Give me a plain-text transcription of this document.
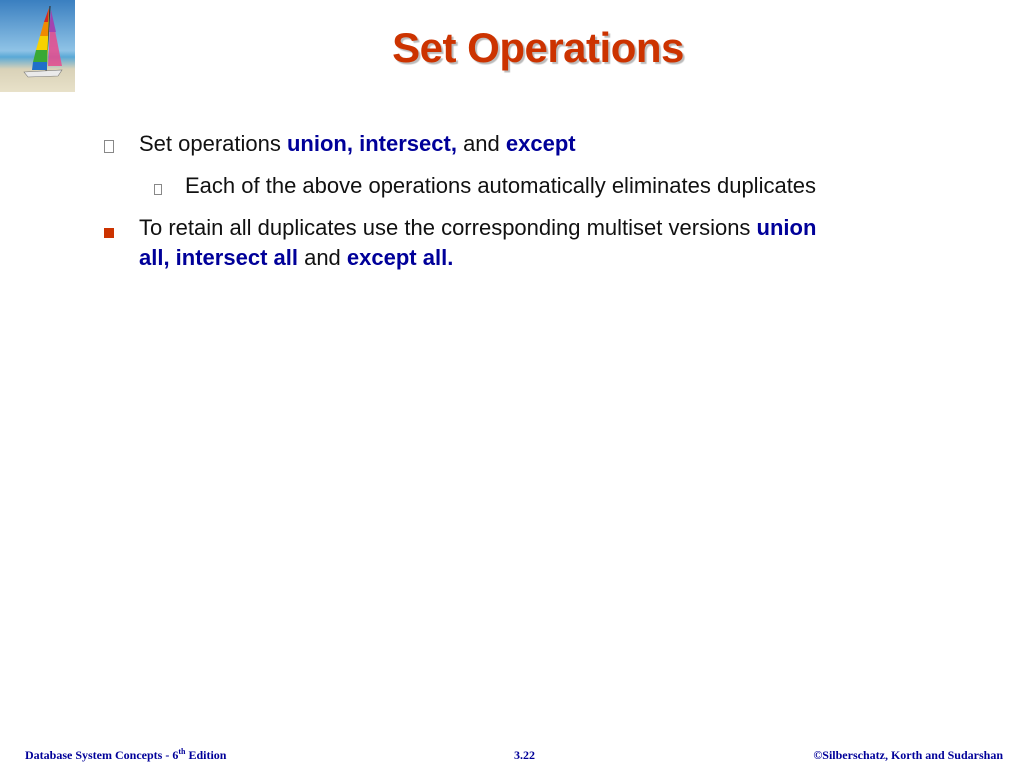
Set Operations
Set operations union, intersect, and except
Each of the above operations automatically eliminates duplicates
To retain all duplicates use the corresponding multiset versions union
all, intersect all and except all.
Database System Concepts - 6th Edition	3.22	©Silberschatz, Korth and Sudarshan
